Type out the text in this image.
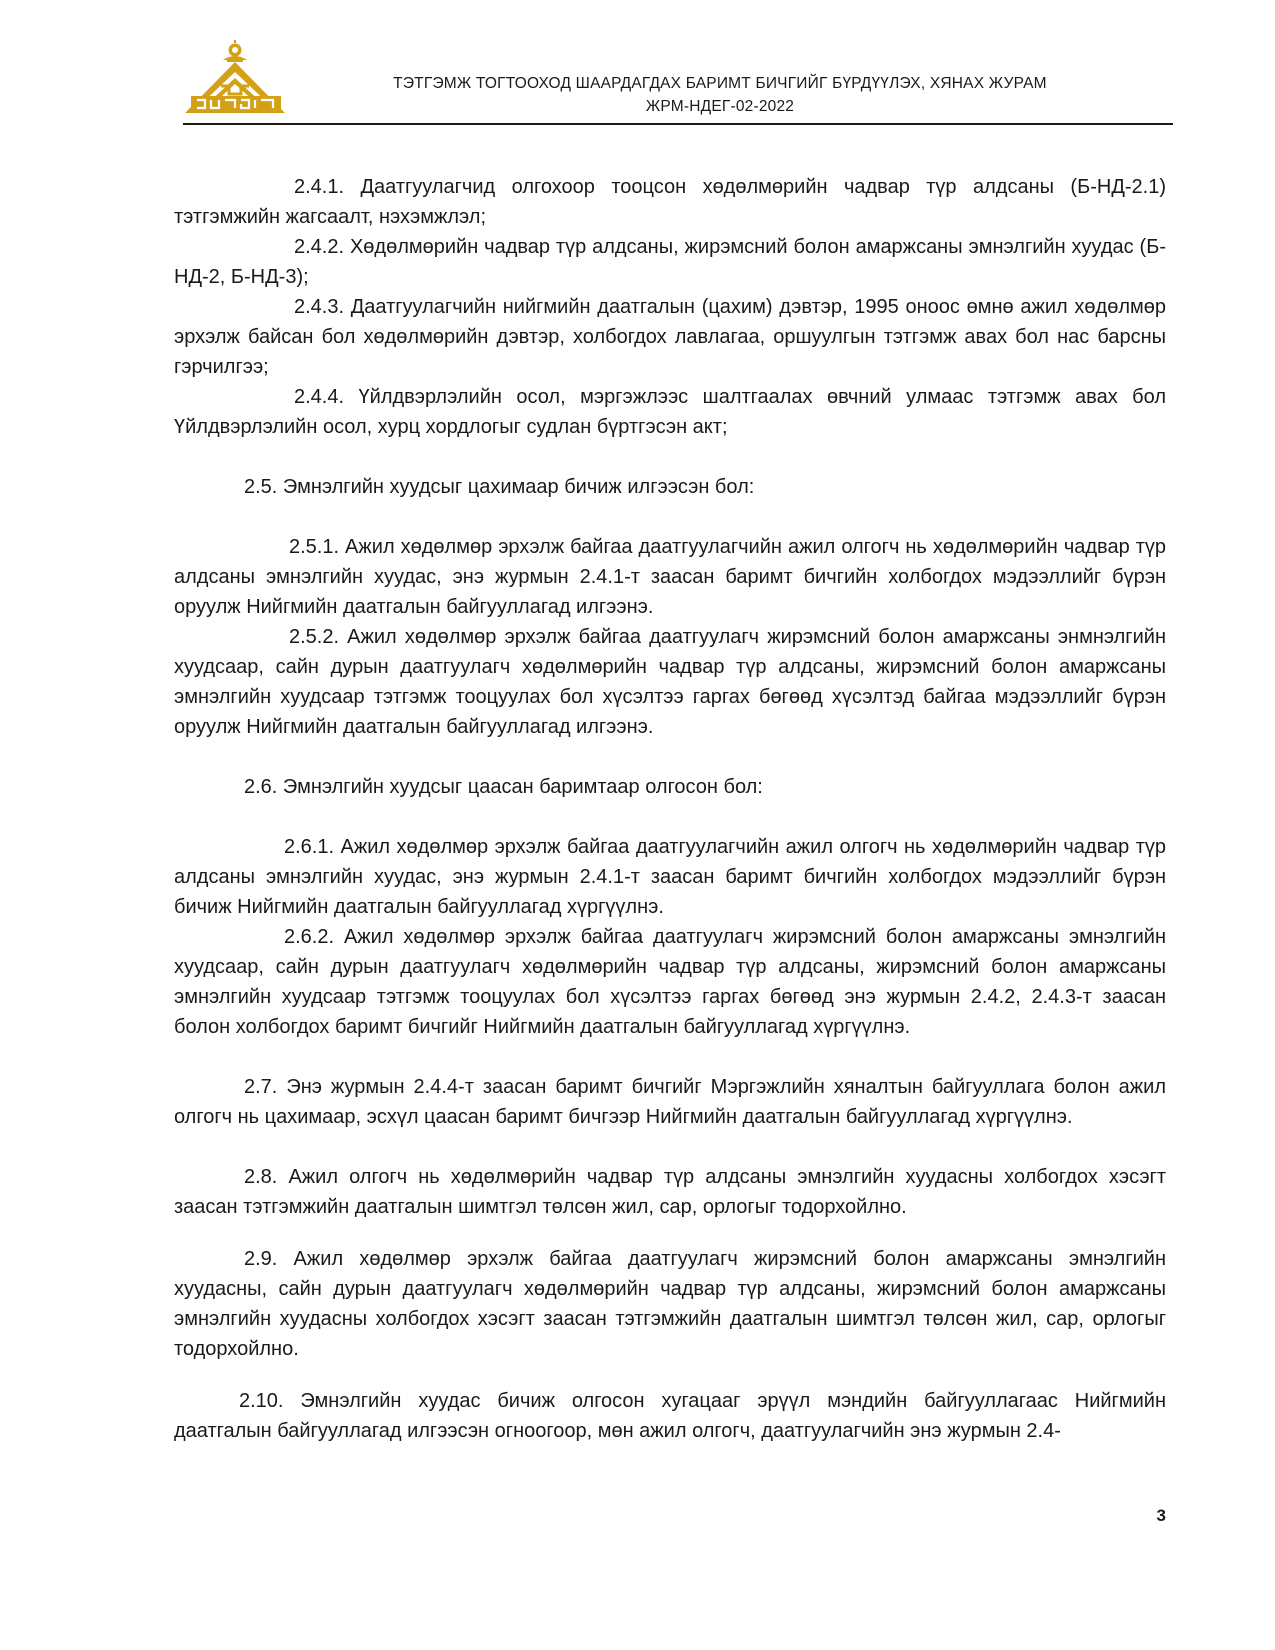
ТЭТГЭМЖ ТОГТООХОД ШААРДАГДАХ БАРИМТ БИЧГИЙГ БҮРДҮҮЛЭХ, ХЯНАХ ЖУРАМ
ЖРМ-НДЕГ-02-2022

2.4.1. Даатгуулагчид олгохоор тооцсон хөдөлмөрийн чадвар түр алдсаны (Б-НД-2.1) тэтгэмжийн жагсаалт, нэхэмжлэл;

2.4.2. Хөдөлмөрийн чадвар түр алдсаны, жирэмсний болон амаржсаны эмнэлгийн хуудас (Б-НД-2, Б-НД-3);

2.4.3. Даатгуулагчийн нийгмийн даатгалын (цахим) дэвтэр, 1995 оноос өмнө ажил хөдөлмөр эрхэлж байсан бол хөдөлмөрийн дэвтэр, холбогдох лавлагаа, оршуулгын тэтгэмж авах бол нас барсны гэрчилгээ;

2.4.4. Үйлдвэрлэлийн осол, мэргэжлээс шалтгаалах өвчний улмаас тэтгэмж авах бол Үйлдвэрлэлийн осол, хурц хордлогыг судлан бүртгэсэн акт;

2.5. Эмнэлгийн хуудсыг цахимаар бичиж илгээсэн бол:

2.5.1. Ажил хөдөлмөр эрхэлж байгаа даатгуулагчийн ажил олгогч нь хөдөлмөрийн чадвар түр алдсаны эмнэлгийн хуудас, энэ журмын 2.4.1-т заасан баримт бичгийн холбогдох мэдээллийг бүрэн оруулж Нийгмийн даатгалын байгууллагад илгээнэ.

2.5.2. Ажил хөдөлмөр эрхэлж байгаа даатгуулагч жирэмсний болон амаржсаны энмнэлгийн хуудсаар, сайн дурын даатгуулагч хөдөлмөрийн чадвар түр алдсаны, жирэмсний болон амаржсаны эмнэлгийн хуудсаар тэтгэмж тооцуулах бол хүсэлтээ гаргах бөгөөд хүсэлтэд байгаа мэдээллийг бүрэн оруулж Нийгмийн даатгалын байгууллагад илгээнэ.

2.6. Эмнэлгийн хуудсыг цаасан баримтаар олгосон бол:

2.6.1. Ажил хөдөлмөр эрхэлж байгаа даатгуулагчийн ажил олгогч нь хөдөлмөрийн чадвар түр алдсаны эмнэлгийн хуудас, энэ журмын 2.4.1-т заасан баримт бичгийн холбогдох мэдээллийг бүрэн бичиж Нийгмийн даатгалын байгууллагад хүргүүлнэ.

2.6.2. Ажил хөдөлмөр эрхэлж байгаа даатгуулагч жирэмсний болон амаржсаны эмнэлгийн хуудсаар, сайн дурын даатгуулагч хөдөлмөрийн чадвар түр алдсаны, жирэмсний болон амаржсаны эмнэлгийн хуудсаар тэтгэмж тооцуулах бол хүсэлтээ гаргах бөгөөд энэ журмын 2.4.2, 2.4.3-т заасан болон холбогдох баримт бичгийг Нийгмийн даатгалын байгууллагад хүргүүлнэ.

2.7. Энэ журмын 2.4.4-т заасан баримт бичгийг Мэргэжлийн хяналтын байгууллага болон ажил олгогч нь цахимаар, эсхүл цаасан баримт бичгээр Нийгмийн даатгалын байгууллагад хүргүүлнэ.

2.8. Ажил олгогч нь хөдөлмөрийн чадвар түр алдсаны эмнэлгийн хуудасны холбогдох хэсэгт заасан тэтгэмжийн даатгалын шимтгэл төлсөн жил, сар, орлогыг тодорхойлно.

2.9. Ажил хөдөлмөр эрхэлж байгаа даатгуулагч жирэмсний болон амаржсаны эмнэлгийн хуудасны, сайн дурын даатгуулагч хөдөлмөрийн чадвар түр алдсаны, жирэмсний болон амаржсаны эмнэлгийн хуудасны холбогдох хэсэгт заасан тэтгэмжийн даатгалын шимтгэл төлсөн жил, сар, орлогыг тодорхойлно.

2.10. Эмнэлгийн хуудас бичиж олгосон хугацааг эрүүл мэндийн байгууллагаас Нийгмийн даатгалын байгууллагад илгээсэн огноогоор, мөн ажил олгогч, даатгуулагчийн энэ журмын 2.4-

3
